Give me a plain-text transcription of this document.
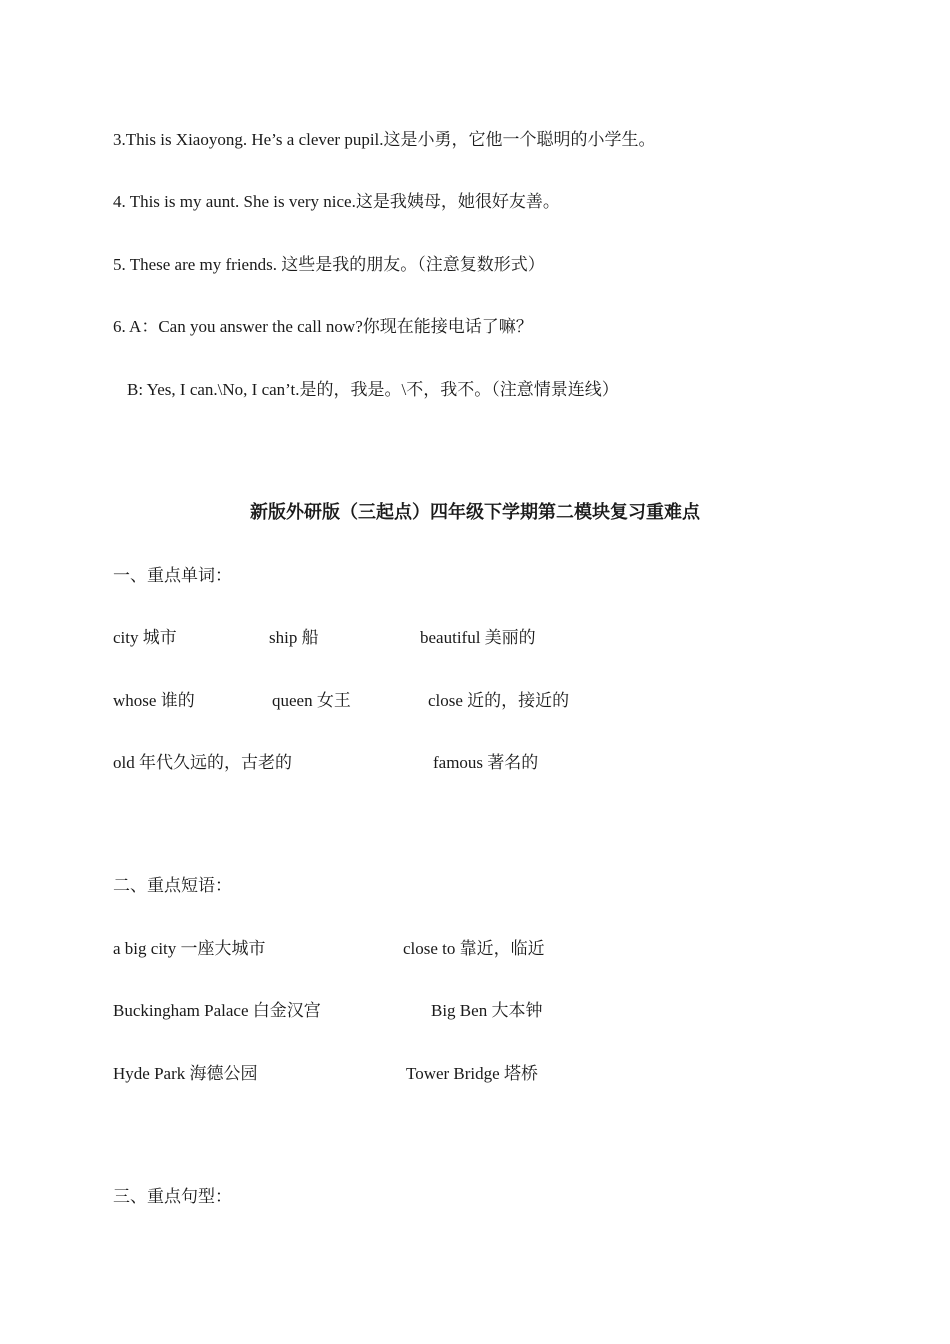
3.This is Xiaoyong. He’s a clever pupil.这是小勇，它他一个聪明的小学生。
4. This is my aunt. She is very nice.这是我姨母，她很好友善。
5. These are my friends. 这些是我的朋友。（注意复数形式）
6. A：Can you answer the call now?你现在能接电话了嘛？
B: Yes, I can.\No, I can’t.是的，我是。\不，我不。（注意情景连线）
新版外研版（三起点）四年级下学期第二模块复习重难点
一、重点单词：
city 城市	ship 船	beautiful 美丽的
whose 谁的	queen 女王	close 近的，接近的
old 年代久远的，古老的	famous 著名的
二、重点短语：
a big city 一座大城市	close to 靠近，临近
Buckingham Palace 白金汉宫	Big Ben 大本钟
Hyde Park 海德公园	Tower Bridge 塔桥
三、重点句型：
